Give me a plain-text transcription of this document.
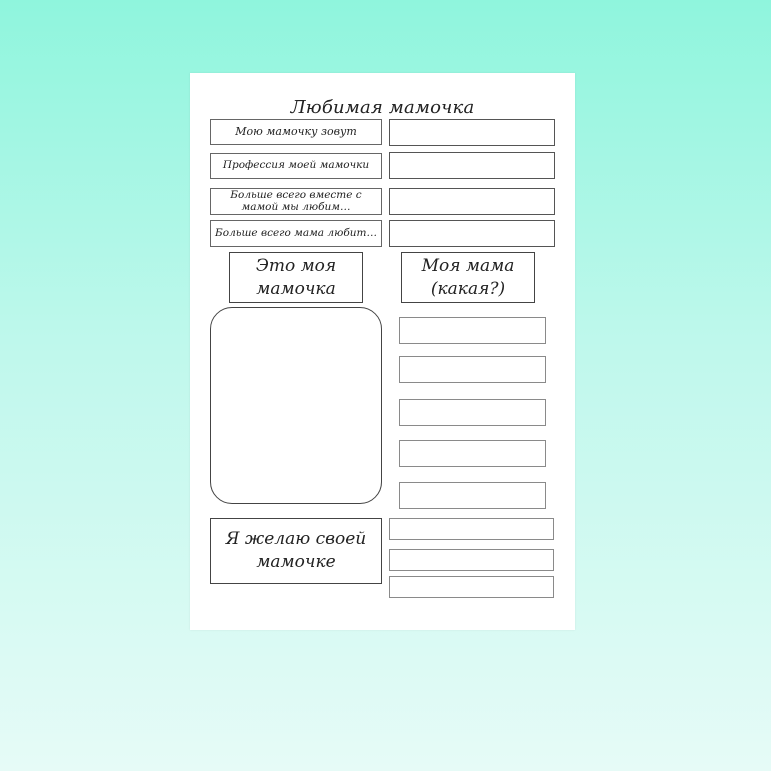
Любимая мамочка
Мою мамочку зовут
Профессия моей мамочки
Больше всего вместе с мамой мы любим…
Больше всего мама любит…
Это моя мамочка
Моя мама (какая?)
Я желаю своей мамочке
